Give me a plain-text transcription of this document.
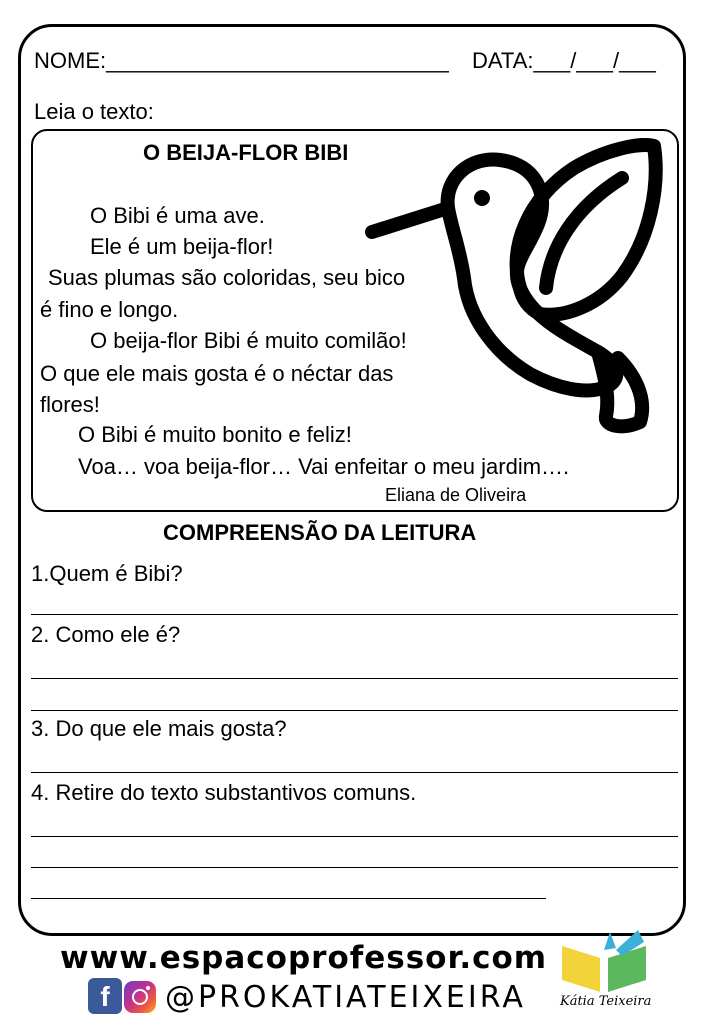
NOME:____________________________ DATA:___/___/___
Leia o texto:
O BEIJA-FLOR BIBI
O Bibi é uma ave.
Ele é um beija-flor!
Suas plumas são coloridas, seu bico
é fino e longo.
O beija-flor Bibi é muito comilão!
O que ele mais gosta é o néctar das
flores!
O Bibi é muito bonito e feliz!
Voa… voa beija-flor… Vai enfeitar o meu jardim….
Eliana de Oliveira
COMPREENSÃO DA LEITURA
1.Quem é Bibi?
2. Como ele é?
3. Do que ele mais gosta?
4. Retire do texto substantivos comuns.
www.espacoprofessor.com
f	@PROKATIATEIXEIRA	Kátia Teixeira
